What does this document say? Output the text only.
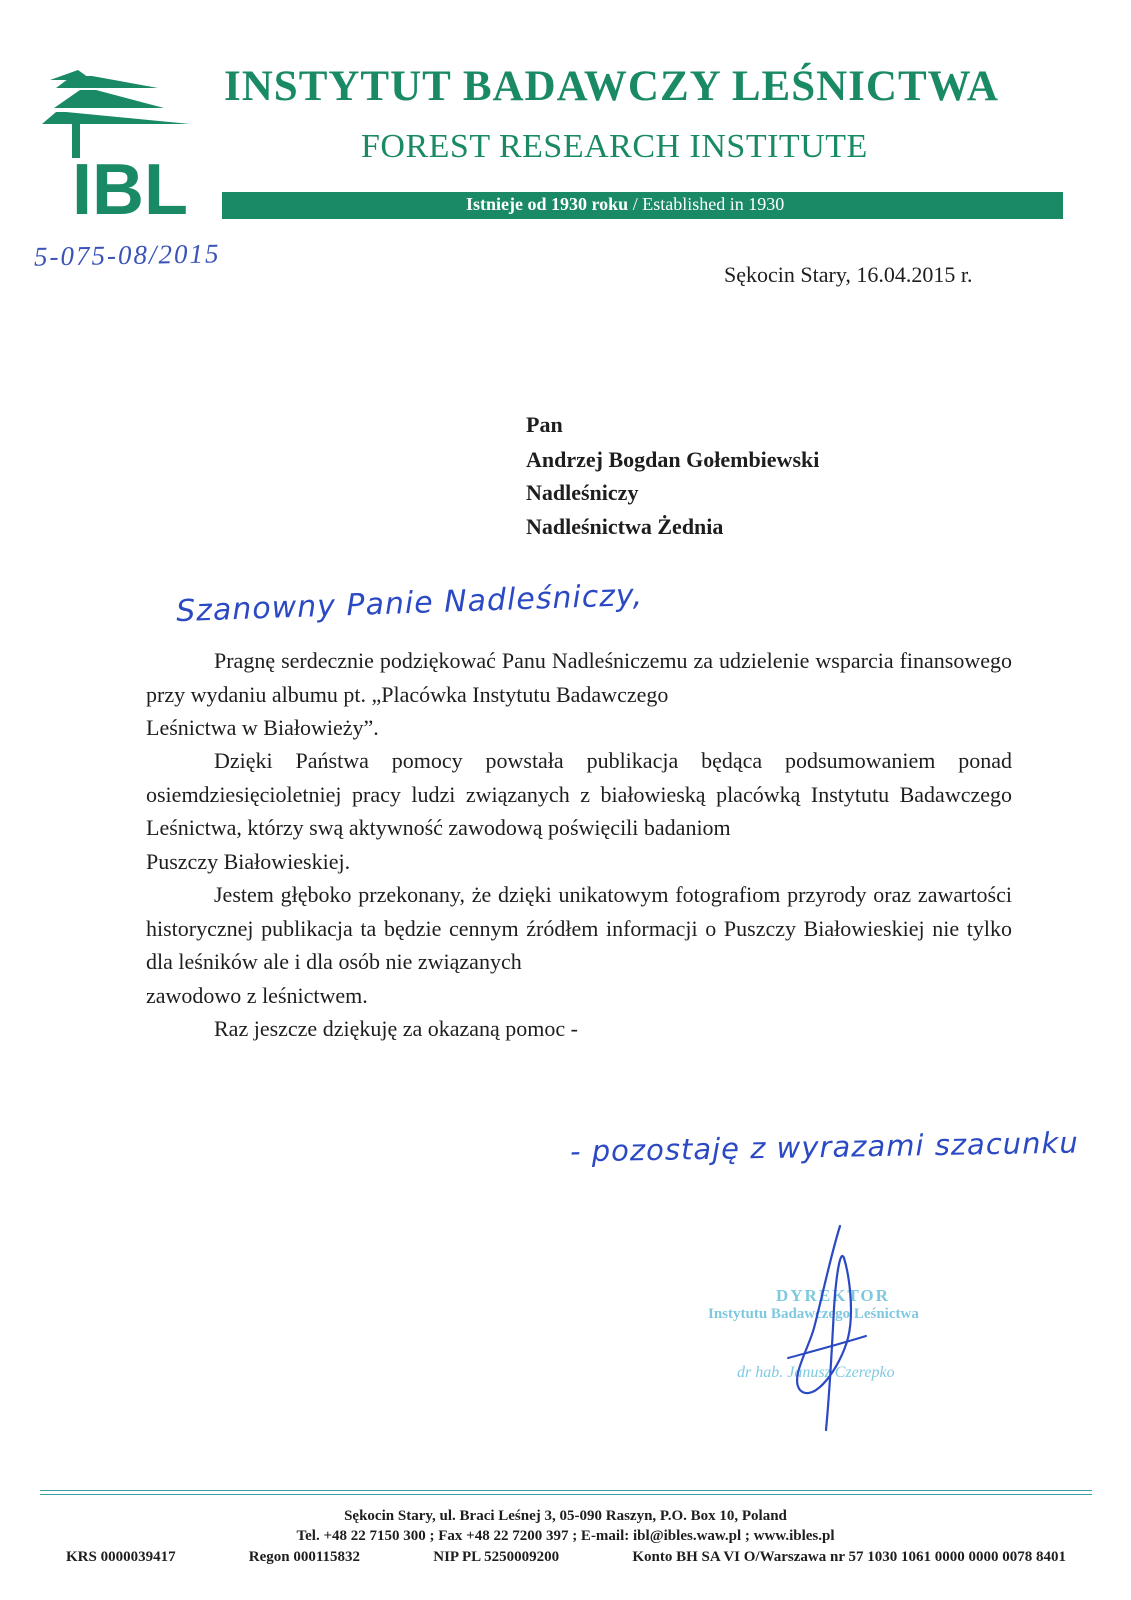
IBL
INSTYTUT BADAWCZY LEŚNICTWA
FOREST RESEARCH INSTITUTE
Istnieje od 1930 roku / Established in 1930
5-075-08/2015
Sękocin Stary, 16.04.2015 r.
Pan
Andrzej Bogdan Gołembiewski
Nadleśniczy
Nadleśnictwa Żednia
Szanowny Panie Nadleśniczy,
Pragnę serdecznie podziękować Panu Nadleśniczemu za udzielenie wsparcia finansowego przy wydaniu albumu pt. „Placówka Instytutu Badawczego
Leśnictwa w Białowieży”.
Dzięki Państwa pomocy powstała publikacja będąca podsumowaniem ponad osiemdziesięcioletniej pracy ludzi związanych z białowieską placówką Instytutu Badawczego Leśnictwa, którzy swą aktywność zawodową poświęcili badaniom
Puszczy Białowieskiej.
Jestem głęboko przekonany, że dzięki unikatowym fotografiom przyrody oraz zawartości historycznej publikacja ta będzie cennym źródłem informacji o Puszczy Białowieskiej nie tylko dla leśników ale i dla osób nie związanych
zawodowo z leśnictwem.
Raz jeszcze dziękuję za okazaną pomoc -
- pozostaję z wyrazami szacunku
DYREKTOR
Instytutu Badawczego Leśnictwa
dr hab. Janusz Czerepko
Sękocin Stary, ul. Braci Leśnej 3, 05-090 Raszyn, P.O. Box 10, Poland
Tel. +48 22 7150 300 ; Fax +48 22 7200 397 ; E-mail: ibl@ibles.waw.pl ; www.ibles.pl
KRS 0000039417	Regon 000115832	NIP PL 5250009200	Konto BH SA VI O/Warszawa nr 57 1030 1061 0000 0000 0078 8401
